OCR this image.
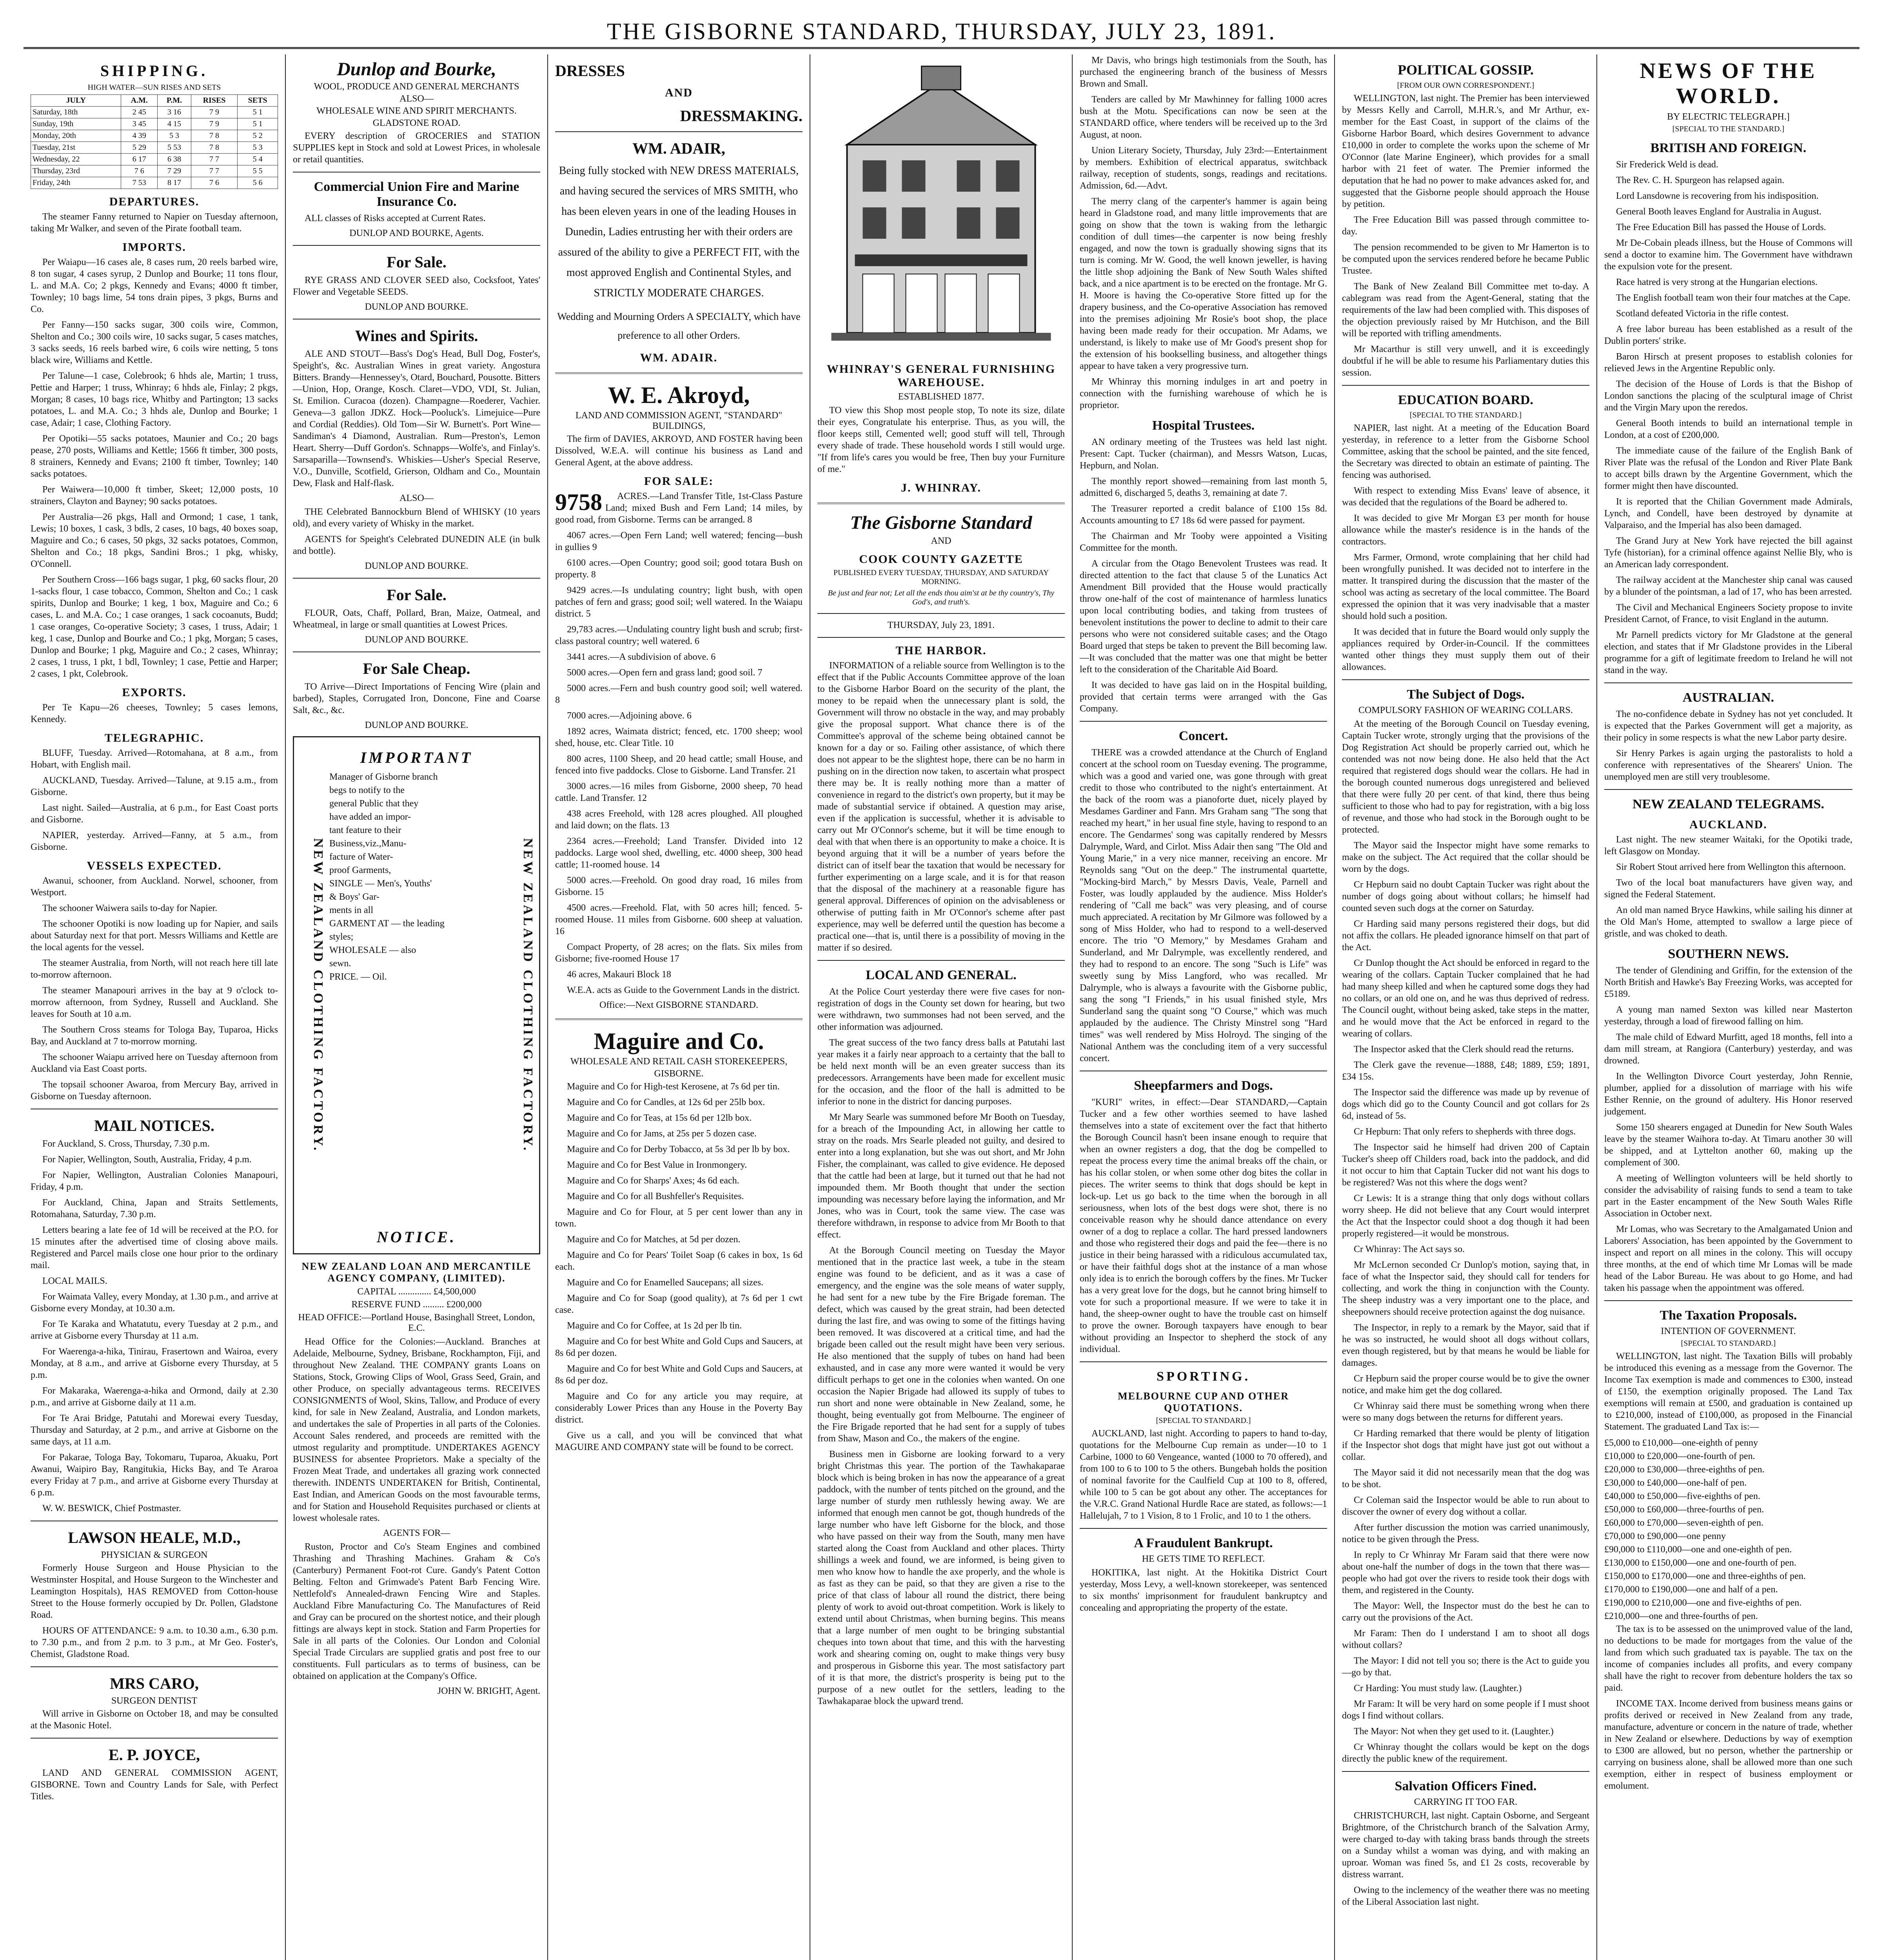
THE GISBORNE STANDARD, THURSDAY, JULY 23, 1891.
SHIPPING.
HIGH WATER—SUN RISES AND SETS
JULY	A.M.	P.M.	RISES	SETS
Saturday, 18th	2 45	3 16	7 9	5 1
Sunday, 19th	3 45	4 15	7 9	5 1
Monday, 20th	4 39	5 3	7 8	5 2
Tuesday, 21st	5 29	5 53	7 8	5 3
Wednesday, 22	6 17	6 38	7 7	5 4
Thursday, 23rd	7 6	7 29	7 7	5 5
Friday, 24th	7 53	8 17	7 6	5 6
DEPARTURES.

The steamer Fanny returned to Napier on Tuesday afternoon, taking Mr Walker, and seven of the Pirate football team.

IMPORTS.

Per Waiapu—16 cases ale, 8 cases rum, 20 reels barbed wire, 8 ton sugar, 4 cases syrup, 2 Dunlop and Bourke; 11 tons flour, L. and M.A. Co; 2 pkgs, Kennedy and Evans; 4000 ft timber, Townley; 10 bags lime, 54 tons drain pipes, 3 pkgs, Burns and Co.

Per Fanny—150 sacks sugar, 300 coils wire, Common, Shelton and Co.; 300 coils wire, 10 sacks sugar, 5 cases matches, 3 sacks seeds, 16 reels barbed wire, 6 coils wire netting, 5 tons black wire, Williams and Kettle.

Per Talune—1 case, Colebrook; 6 hhds ale, Martin; 1 truss, Pettie and Harper; 1 truss, Whinray; 6 hhds ale, Finlay; 2 pkgs, Morgan; 8 cases, 10 bags rice, Whitby and Partington; 13 sacks potatoes, L. and M.A. Co.; 3 hhds ale, Dunlop and Bourke; 1 case, Adair; 1 case, Clothing Factory.

Per Opotiki—55 sacks potatoes, Maunier and Co.; 20 bags pease, 270 posts, Williams and Kettle; 1566 ft timber, 300 posts, 8 strainers, Kennedy and Evans; 2100 ft timber, Townley; 140 sacks potatoes.

Per Waiwera—10,000 ft timber, Skeet; 12,000 posts, 10 strainers, Clayton and Bayney; 90 sacks potatoes.

Per Australia—26 pkgs, Hall and Ormond; 1 case, 1 tank, Lewis; 10 boxes, 1 cask, 3 bdls, 2 cases, 10 bags, 40 boxes soap, Maguire and Co.; 6 cases, 50 pkgs, 32 sacks potatoes, Common, Shelton and Co.; 18 pkgs, Sandini Bros.; 1 pkg, whisky, O'Connell.

Per Southern Cross—166 bags sugar, 1 pkg, 60 sacks flour, 20 1-sacks flour, 1 case tobacco, Common, Shelton and Co.; 1 cask spirits, Dunlop and Bourke; 1 keg, 1 box, Maguire and Co.; 6 cases, L. and M.A. Co.; 1 case oranges, 1 sack cocoanuts, Budd; 1 case oranges, Co-operative Society; 3 cases, 1 truss, Adair; 1 keg, 1 case, Dunlop and Bourke and Co.; 1 pkg, Morgan; 5 cases, Dunlop and Bourke; 1 pkg, Maguire and Co.; 2 cases, Whinray; 2 cases, 1 truss, 1 pkt, 1 bdl, Townley; 1 case, Pettie and Harper; 2 cases, 1 pkt, Colebrook.

EXPORTS.

Per Te Kapu—26 cheeses, Townley; 5 cases lemons, Kennedy.

TELEGRAPHIC.

BLUFF, Tuesday. Arrived—Rotomahana, at 8 a.m., from Hobart, with English mail.

AUCKLAND, Tuesday. Arrived—Talune, at 9.15 a.m., from Gisborne.

Last night. Sailed—Australia, at 6 p.m., for East Coast ports and Gisborne.

NAPIER, yesterday. Arrived—Fanny, at 5 a.m., from Gisborne.

VESSELS EXPECTED.

Awanui, schooner, from Auckland. Norwel, schooner, from Westport.

The schooner Waiwera sails to-day for Napier.

The schooner Opotiki is now loading up for Napier, and sails about Saturday next for that port. Messrs Williams and Kettle are the local agents for the vessel.

The steamer Australia, from North, will not reach here till late to-morrow afternoon.

The steamer Manapouri arrives in the bay at 9 o'clock to-morrow afternoon, from Sydney, Russell and Auckland. She leaves for South at 10 a.m.

The Southern Cross steams for Tologa Bay, Tuparoa, Hicks Bay, and Auckland at 7 to-morrow morning.

The schooner Waiapu arrived here on Tuesday afternoon from Auckland via East Coast ports.

The topsail schooner Awaroa, from Mercury Bay, arrived in Gisborne on Tuesday afternoon.

MAIL NOTICES.

For Auckland, S. Cross, Thursday, 7.30 p.m.

For Napier, Wellington, South, Australia, Friday, 4 p.m.

For Napier, Wellington, Australian Colonies Manapouri, Friday, 4 p.m.

For Auckland, China, Japan and Straits Settlements, Rotomahana, Saturday, 7.30 p.m.

Letters bearing a late fee of 1d will be received at the P.O. for 15 minutes after the advertised time of closing above mails. Registered and Parcel mails close one hour prior to the ordinary mail.

LOCAL MAILS.

For Waimata Valley, every Monday, at 1.30 p.m., and arrive at Gisborne every Monday, at 10.30 a.m.

For Te Karaka and Whatatutu, every Tuesday at 2 p.m., and arrive at Gisborne every Thursday at 11 a.m.

For Waerenga-a-hika, Tinirau, Frasertown and Wairoa, every Monday, at 8 a.m., and arrive at Gisborne every Thursday, at 5 p.m.

For Makaraka, Waerenga-a-hika and Ormond, daily at 2.30 p.m., and arrive at Gisborne daily at 11 a.m.

For Te Arai Bridge, Patutahi and Morewai every Tuesday, Thursday and Saturday, at 2 p.m., and arrive at Gisborne on the same days, at 11 a.m.

For Pakarae, Tologa Bay, Tokomaru, Tuparoa, Akuaku, Port Awanui, Waipiro Bay, Rangitukia, Hicks Bay, and Te Araroa every Friday at 7 p.m., and arrive at Gisborne every Thursday at 6 p.m.

W. W. BESWICK, Chief Postmaster.

LAWSON HEALE, M.D.,
PHYSICIAN & SURGEON

Formerly House Surgeon and House Physician to the Westminster Hospital, and House Surgeon to the Winchester and Leamington Hospitals), HAS REMOVED from Cotton-house Street to the House formerly occupied by Dr. Pollen, Gladstone Road.

HOURS OF ATTENDANCE: 9 a.m. to 10.30 a.m., 6.30 p.m. to 7.30 p.m., and from 2 p.m. to 3 p.m., at Mr Geo. Foster's, Chemist, Gladstone Road.

MRS CARO,
SURGEON DENTIST

Will arrive in Gisborne on October 18, and may be consulted at the Masonic Hotel.

E. P. JOYCE,

LAND AND GENERAL COMMISSION AGENT, GISBORNE. Town and Country Lands for Sale, with Perfect Titles.

Dunlop and Bourke,
WOOL, PRODUCE AND GENERAL MERCHANTS
ALSO—
WHOLESALE WINE AND SPIRIT MERCHANTS.
GLADSTONE ROAD.

EVERY description of GROCERIES and STATION SUPPLIES kept in Stock and sold at Lowest Prices, in wholesale or retail quantities.

Commercial Union Fire and Marine Insurance Co.

ALL classes of Risks accepted at Current Rates.

DUNLOP AND BOURKE, Agents.
For Sale.

RYE GRASS AND CLOVER SEED also, Cocksfoot, Yates' Flower and Vegetable SEEDS.

DUNLOP AND BOURKE.
Wines and Spirits.

ALE AND STOUT—Bass's Dog's Head, Bull Dog, Foster's, Speight's, &c. Australian Wines in great variety. Angostura Bitters. Brandy—Hennessey's, Otard, Bouchard, Pousotte. Bitters—Union, Hop, Orange, Kosch. Claret—VDO, VDI, St. Julian, St. Emilion. Curacoa (dozen). Champagne—Roederer, Vachier. Geneva—3 gallon JDKZ. Hock—Pooluck's. Limejuice—Pure and Cordial (Reddies). Old Tom—Sir W. Burnett's. Port Wine—Sandiman's 4 Diamond, Australian. Rum—Preston's, Lemon Heart. Sherry—Duff Gordon's. Schnapps—Wolfe's, and Finlay's. Sarsaparilla—Townsend's. Whiskies—Usher's Special Reserve, V.O., Dunville, Scotfield, Grierson, Oldham and Co., Mountain Dew, Flask and Half-flask.

ALSO—

THE Celebrated Bannockburn Blend of WHISKY (10 years old), and every variety of Whisky in the market.

AGENTS for Speight's Celebrated DUNEDIN ALE (in bulk and bottle).

DUNLOP AND BOURKE.
For Sale.

FLOUR, Oats, Chaff, Pollard, Bran, Maize, Oatmeal, and Wheatmeal, in large or small quantities at Lowest Prices.

DUNLOP AND BOURKE.
For Sale Cheap.

TO Arrive—Direct Importations of Fencing Wire (plain and barbed), Staples, Corrugated Iron, Doncone, Fine and Coarse Salt, &c., &c.

DUNLOP AND BOURKE.
IMPORTANT
NEW ZEALAND CLOTHING FACTORY.
Manager of Gisborne branch
begs to notify to the
general Public that they
have added an impor-
tant feature to their
Business,viz.,Manu-
facture of Water-
proof Garments,
SINGLE — Men's, Youths'
& Boys' Gar-
ments in all
GARMENT AT — the leading
styles;
WHOLESALE — also
sewn.
PRICE. — Oil.	NEW ZEALAND CLOTHING FACTORY.
NOTICE.
NEW ZEALAND LOAN AND MERCANTILE AGENCY COMPANY, (LIMITED).
CAPITAL .............. £4,500,000
RESERVE FUND ......... £200,000
HEAD OFFICE:—Portland House, Basinghall Street, London, E.C.

Head Office for the Colonies:—Auckland. Branches at Adelaide, Melbourne, Sydney, Brisbane, Rockhampton, Fiji, and throughout New Zealand. THE COMPANY grants Loans on Stations, Stock, Growing Clips of Wool, Grass Seed, Grain, and other Produce, on specially advantageous terms. RECEIVES CONSIGNMENTS of Wool, Skins, Tallow, and Produce of every kind, for sale in New Zealand, Australia, and London markets, and undertakes the sale of Properties in all parts of the Colonies. Account Sales rendered, and proceeds are remitted with the utmost regularity and promptitude. UNDERTAKES AGENCY BUSINESS for absentee Proprietors. Make a specialty of the Frozen Meat Trade, and undertakes all grazing work connected therewith. INDENTS UNDERTAKEN for British, Continental, East Indian, and American Goods on the most favourable terms, and for Station and Household Requisites purchased or clients at lowest wholesale rates.

AGENTS FOR—

Ruston, Proctor and Co's Steam Engines and combined Thrashing and Thrashing Machines. Graham & Co's (Canterbury) Permanent Foot-rot Cure. Gandy's Patent Cotton Belting. Felton and Grimwade's Patent Barb Fencing Wire. Nettlefold's Annealed-drawn Fencing Wire and Staples. Auckland Fibre Manufacturing Co. The Manufactures of Reid and Gray can be procured on the shortest notice, and their plough fittings are always kept in stock. Station and Farm Properties for Sale in all parts of the Colonies. Our London and Colonial Special Trade Circulars are supplied gratis and post free to our constituents. Full particulars as to terms of business, can be obtained on application at the Company's Office.

JOHN W. BRIGHT, Agent.
DRESSES
AND
DRESSMAKING.
WM. ADAIR,

Being fully stocked with NEW DRESS MATERIALS, and having secured the services of MRS SMITH, who has been eleven years in one of the leading Houses in Dunedin, Ladies entrusting her with their orders are assured of the ability to give a PERFECT FIT, with the most approved English and Continental Styles, and STRICTLY MODERATE CHARGES.

Wedding and Mourning Orders A SPECIALTY, which have preference to all other Orders.

WM. ADAIR.
W. E. Akroyd,
LAND AND COMMISSION AGENT, "STANDARD" BUILDINGS,

The firm of DAVIES, AKROYD, AND FOSTER having been Dissolved, W.E.A. will continue his business as Land and General Agent, at the above address.

FOR SALE:
9758	ACRES.—Land Transfer Title, 1st-Class Pasture Land; mixed Bush and Fern Land; 14 miles, by good road, from Gisborne. Terms can be arranged. 8

4067 acres.—Open Fern Land; well watered; fencing—bush in gullies 9

6100 acres.—Open Country; good soil; good totara Bush on property. 8

9429 acres.—Is undulating country; light bush, with open patches of fern and grass; good soil; well watered. In the Waiapu district. 5

29,783 acres.—Undulating country light bush and scrub; first-class pastoral country; well watered. 6

3441 acres.—A subdivision of above. 6

5000 acres.—Open fern and grass land; good soil. 7

5000 acres.—Fern and bush country good soil; well watered. 8

7000 acres.—Adjoining above. 6

1892 acres, Waimata district; fenced, etc. 1700 sheep; wool shed, house, etc. Clear Title. 10

800 acres, 1100 Sheep, and 20 head cattle; small House, and fenced into five paddocks. Close to Gisborne. Land Transfer. 21

3000 acres.—16 miles from Gisborne, 2000 sheep, 70 head cattle. Land Transfer. 12

438 acres Freehold, with 128 acres ploughed. All ploughed and laid down; on the flats. 13

2364 acres.—Freehold; Land Transfer. Divided into 12 paddocks. Large wool shed, dwelling, etc. 4000 sheep, 300 head cattle; 11-roomed house. 14

5000 acres.—Freehold. On good dray road, 16 miles from Gisborne. 15

4500 acres.—Freehold. Flat, with 50 acres hill; fenced. 5-roomed House. 11 miles from Gisborne. 600 sheep at valuation. 16

Compact Property, of 28 acres; on the flats. Six miles from Gisborne; five-roomed House 17

46 acres, Makauri Block 18

W.E.A. acts as Guide to the Government Lands in the district.

Office:—Next GISBORNE STANDARD.
Maguire and Co.
WHOLESALE AND RETAIL CASH STOREKEEPERS,
GISBORNE.

Maguire and Co for High-test Kerosene, at 7s 6d per tin.

Maguire and Co for Candles, at 12s 6d per 25lb box.

Maguire and Co for Teas, at 15s 6d per 12lb box.

Maguire and Co for Jams, at 25s per 5 dozen case.

Maguire and Co for Derby Tobacco, at 5s 3d per lb by box.

Maguire and Co for Best Value in Ironmongery.

Maguire and Co for Sharps' Axes; 4s 6d each.

Maguire and Co for all Bushfeller's Requisites.

Maguire and Co for Flour, at 5 per cent lower than any in town.

Maguire and Co for Matches, at 5d per dozen.

Maguire and Co for Pears' Toilet Soap (6 cakes in box, 1s 6d each.

Maguire and Co for Enamelled Saucepans; all sizes.

Maguire and Co for Soap (good quality), at 7s 6d per 1 cwt case.

Maguire and Co for Coffee, at 1s 2d per lb tin.

Maguire and Co for best White and Gold Cups and Saucers, at 8s 6d per dozen.

Maguire and Co for best White and Gold Cups and Saucers, at 8s 6d per doz.

Maguire and Co for any article you may require, at considerably Lower Prices than any House in the Poverty Bay district.

Give us a call, and you will be convinced that what MAGUIRE AND COMPANY state will be found to be correct.

WHINRAY'S GENERAL FURNISHING WAREHOUSE.
ESTABLISHED 1877.

TO view this Shop most people stop, To note its size, dilate their eyes, Congratulate his enterprise. Thus, as you will, the floor keeps still, Cemented well; good stuff will tell, Through every shade of trade. These household words I still would urge. "If from life's cares you would be free, Then buy your Furniture of me."

J. WHINRAY.
The Gisborne Standard
AND
COOK COUNTY GAZETTE
PUBLISHED EVERY TUESDAY, THURSDAY, AND SATURDAY MORNING.
Be just and fear not; Let all the ends thou aim'st at be thy country's, Thy God's, and truth's.
THURSDAY, July 23, 1891.
THE HARBOR.

INFORMATION of a reliable source from Wellington is to the effect that if the Public Accounts Committee approve of the loan to the Gisborne Harbor Board on the security of the plant, the money to be repaid when the unnecessary plant is sold, the Government will throw no obstacle in the way, and may probably give the proposal support. What chance there is of the Committee's approval of the scheme being obtained cannot be known for a day or so. Failing other assistance, of which there does not appear to be the slightest hope, there can be no harm in pushing on in the direction now taken, to ascertain what prospect there may be. It is really nothing more than a matter of convenience in regard to the district's own property, but it may be made of substantial service if obtained. A question may arise, even if the application is successful, whether it is advisable to carry out Mr O'Connor's scheme, but it will be time enough to deal with that when there is an opportunity to make a choice. It is beyond arguing that it will be a number of years before the district can of itself bear the taxation that would be necessary for further experimenting on a large scale, and it is for that reason that the disposal of the machinery at a reasonable figure has general approval. Differences of opinion on the advisableness or otherwise of putting faith in Mr O'Connor's scheme after past experience, may well be deferred until the question has become a practical one—that is, until there is a possibility of moving in the matter if so desired.

LOCAL AND GENERAL.

At the Police Court yesterday there were five cases for non-registration of dogs in the County set down for hearing, but two were withdrawn, two summonses had not been served, and the other information was adjourned.

The great success of the two fancy dress balls at Patutahi last year makes it a fairly near approach to a certainty that the ball to be held next month will be an even greater success than its predecessors. Arrangements have been made for excellent music for the occasion, and the floor of the hall is admitted to be inferior to none in the district for dancing purposes.

Mr Mary Searle was summoned before Mr Booth on Tuesday, for a breach of the Impounding Act, in allowing her cattle to stray on the roads. Mrs Searle pleaded not guilty, and desired to enter into a long explanation, but she was out short, and Mr John Fisher, the complainant, was called to give evidence. He deposed that the cattle had been at large, but it turned out that he had not impounded them. Mr Booth thought that under the section impounding was necessary before laying the information, and Mr Jones, who was in Court, took the same view. The case was therefore withdrawn, in response to advice from Mr Booth to that effect.

At the Borough Council meeting on Tuesday the Mayor mentioned that in the practice last week, a tube in the steam engine was found to be deficient, and as it was a case of emergency, and the engine was the sole means of water supply, he had sent for a new tube by the Fire Brigade foreman. The defect, which was caused by the great strain, had been detected during the last fire, and was owing to some of the fittings having been removed. It was discovered at a critical time, and had the brigade been called out the result might have been very serious. He also mentioned that the supply of tubes on hand had been exhausted, and in case any more were wanted it would be very difficult perhaps to get one in the colonies when wanted. On one occasion the Napier Brigade had allowed its supply of tubes to run short and none were obtainable in New Zealand, some, he thought, being eventually got from Melbourne. The engineer of the Fire Brigade reported that he had sent for a supply of tubes from Shaw, Mason and Co., the makers of the engine.

Business men in Gisborne are looking forward to a very bright Christmas this year. The portion of the Tawhakaparae block which is being broken in has now the appearance of a great paddock, with the number of tents pitched on the ground, and the large number of sturdy men ruthlessly hewing away. We are informed that enough men cannot be got, though hundreds of the large number who have left Gisborne for the block, and those who have passed on their way from the South, many men have started along the Coast from Auckland and other places. Thirty shillings a week and found, we are informed, is being given to men who know how to handle the axe properly, and the whole is as fast as they can be paid, so that they are given a rise to the price of that class of labour all round the district, there being plenty of work to avoid out-throat competition. Work is likely to extend until about Christmas, when burning begins. This means that a large number of men ought to be bringing substantial cheques into town about that time, and this with the harvesting work and shearing coming on, ought to make things very busy and prosperous in Gisborne this year. The most satisfactory part of it is that more, the district's prosperity is being put to the purpose of a new outlet for the settlers, leading to the Tawhakaparae block the upward trend.

Mr Davis, who brings high testimonials from the South, has purchased the engineering branch of the business of Messrs Brown and Small.

Tenders are called by Mr Mawhinney for falling 1000 acres bush at the Motu. Specifications can now be seen at the STANDARD office, where tenders will be received up to the 3rd August, at noon.

Union Literary Society, Thursday, July 23rd:—Entertainment by members. Exhibition of electrical apparatus, switchback railway, reception of students, songs, readings and recitations. Admission, 6d.—Advt.

The merry clang of the carpenter's hammer is again being heard in Gladstone road, and many little improvements that are going on show that the town is waking from the lethargic condition of dull times—the carpenter is now being freshly engaged, and now the town is gradually showing signs that its turn is coming. Mr W. Good, the well known jeweller, is having the little shop adjoining the Bank of New South Wales shifted back, and a nice apartment is to be erected on the frontage. Mr G. H. Moore is having the Co-operative Store fitted up for the drapery business, and the Co-operative Association has removed into the premises adjoining Mr Rosie's boot shop, the place having been made ready for their occupation. Mr Adams, we understand, is likely to make use of Mr Good's present shop for the extension of his bookselling business, and altogether things appear to have taken a very progressive turn.

Mr Whinray this morning indulges in art and poetry in connection with the furnishing warehouse of which he is proprietor.

Hospital Trustees.

AN ordinary meeting of the Trustees was held last night. Present: Capt. Tucker (chairman), and Messrs Watson, Lucas, Hepburn, and Nolan.

The monthly report showed—remaining from last month 5, admitted 6, discharged 5, deaths 3, remaining at date 7.

The Treasurer reported a credit balance of £100 15s 8d. Accounts amounting to £7 18s 6d were passed for payment.

The Chairman and Mr Tooby were appointed a Visiting Committee for the month.

A circular from the Otago Benevolent Trustees was read. It directed attention to the fact that clause 5 of the Lunatics Act Amendment Bill provided that the House would practically throw one-half of the cost of maintenance of harmless lunatics upon local contributing bodies, and taking from trustees of benevolent institutions the power to decline to admit to their care persons who were not considered suitable cases; and the Otago Board urged that steps be taken to prevent the Bill becoming law.—It was concluded that the matter was one that might be better left to the consideration of the Charitable Aid Board.

It was decided to have gas laid on in the Hospital building, provided that certain terms were arranged with the Gas Company.

Concert.

THERE was a crowded attendance at the Church of England concert at the school room on Tuesday evening. The programme, which was a good and varied one, was gone through with great credit to those who contributed to the night's entertainment. At the back of the room was a pianoforte duet, nicely played by Mesdames Gardiner and Fann. Mrs Graham sang "The song that reached my heart," in her usual fine style, having to respond to an encore. The Gendarmes' song was capitally rendered by Messrs Dalrymple, Ward, and Cirlot. Miss Adair then sang "The Old and Young Marie," in a very nice manner, receiving an encore. Mr Reynolds sang "Out on the deep." The instrumental quartette, "Mocking-bird March," by Messrs Davis, Veale, Parnell and Foster, was loudly applauded by the audience. Miss Holder's rendering of "Call me back" was very pleasing, and of course much appreciated. A recitation by Mr Gilmore was followed by a song of Miss Holder, who had to respond to a well-deserved encore. The trio "O Memory," by Mesdames Graham and Sunderland, and Mr Dalrymple, was excellently rendered, and they had to respond to an encore. The song "Such is Life" was sweetly sung by Miss Langford, who was recalled. Mr Dalrymple, who is always a favourite with the Gisborne public, sang the song "I Friends," in his usual finished style, Mrs Sunderland sang the quaint song "O Course," which was much applauded by the audience. The Christy Minstrel song "Hard times" was well rendered by Miss Holroyd. The singing of the National Anthem was the concluding item of a very successful concert.

Sheepfarmers and Dogs.

"KURI" writes, in effect:—Dear STANDARD,—Captain Tucker and a few other worthies seemed to have lashed themselves into a state of excitement over the fact that hitherto the Borough Council hasn't been insane enough to require that when an owner registers a dog, that the dog be compelled to repeat the process every time the animal breaks off the chain, or has his collar stolen, or when some other dog bites the collar in pieces. The writer seems to think that dogs should be kept in lock-up. Let us go back to the time when the borough in all seriousness, when lots of the best dogs were shot, there is no conceivable reason why he should dance attendance on every owner of a dog to replace a collar. The hard pressed landowners and those who registered their dogs and paid the fee—there is no justice in their being harassed with a ridiculous accumulated tax, or have their faithful dogs shot at the instance of a man whose only idea is to enrich the borough coffers by the fines. Mr Tucker has a very great love for the dogs, but he cannot bring himself to vote for such a proportional measure. If we were to take it in hand, the sheep-owner ought to have the trouble cast on himself to prove the owner. Borough taxpayers have enough to bear without providing an Inspector to shepherd the stock of any individual.

SPORTING.
MELBOURNE CUP AND OTHER QUOTATIONS.
[SPECIAL TO STANDARD.]

AUCKLAND, last night. According to papers to hand to-day, quotations for the Melbourne Cup remain as under—10 to 1 Carbine, 1000 to 60 Vengeance, wanted (1000 to 70 offered), and from 100 to 6 to 100 to 5 the others. Bungebah holds the position of nominal favorite for the Caulfield Cup at 100 to 8, offered, while 100 to 5 can be got about any other. The acceptances for the V.R.C. Grand National Hurdle Race are stated, as follows:—1 Hallelujah, 7 to 1 Vision, 8 to 1 Frolic, and 10 to 1 the others.

A Fraudulent Bankrupt.
HE GETS TIME TO REFLECT.

HOKITIKA, last night. At the Hokitika District Court yesterday, Moss Levy, a well-known storekeeper, was sentenced to six months' imprisonment for fraudulent bankruptcy and concealing and appropriating the property of the estate.

POLITICAL GOSSIP.
[FROM OUR OWN CORRESPONDENT.]

WELLINGTON, last night. The Premier has been interviewed by Messrs Kelly and Carroll, M.H.R.'s, and Mr Arthur, ex-member for the East Coast, in support of the claims of the Gisborne Harbor Board, which desires Government to advance £10,000 in order to complete the works upon the scheme of Mr O'Connor (late Marine Engineer), which provides for a small harbor with 21 feet of water. The Premier informed the deputation that he had no power to make advances asked for, and suggested that the Gisborne people should approach the House by petition.

The Free Education Bill was passed through committee to-day.

The pension recommended to be given to Mr Hamerton is to be computed upon the services rendered before he became Public Trustee.

The Bank of New Zealand Bill Committee met to-day. A cablegram was read from the Agent-General, stating that the requirements of the law had been complied with. This disposes of the objection previously raised by Mr Hutchison, and the Bill will be reported with trifling amendments.

Mr Macarthur is still very unwell, and it is exceedingly doubtful if he will be able to resume his Parliamentary duties this session.

EDUCATION BOARD.
[SPECIAL TO THE STANDARD.]

NAPIER, last night. At a meeting of the Education Board yesterday, in reference to a letter from the Gisborne School Committee, asking that the school be painted, and the site fenced, the Secretary was directed to obtain an estimate of painting. The fencing was authorised.

With respect to extending Miss Evans' leave of absence, it was decided that the regulations of the Board be adhered to.

It was decided to give Mr Morgan £3 per month for house allowance while the master's residence is in the hands of the contractors.

Mrs Farmer, Ormond, wrote complaining that her child had been wrongfully punished. It was decided not to interfere in the matter. It transpired during the discussion that the master of the school was acting as secretary of the local committee. The Board expressed the opinion that it was very inadvisable that a master should hold such a position.

It was decided that in future the Board would only supply the appliances required by Order-in-Council. If the committees wanted other things they must supply them out of their allowances.

The Subject of Dogs.
COMPULSORY FASHION OF WEARING COLLARS.

At the meeting of the Borough Council on Tuesday evening, Captain Tucker wrote, strongly urging that the provisions of the Dog Registration Act should be properly carried out, which he contended was not now being done. He also held that the Act required that registered dogs should wear the collars. He had in the borough counted numerous dogs unregistered and believed that there were fully 20 per cent. of that kind, there thus being sufficient to those who had to pay for registration, with a big loss of revenue, and those who had stock in the Borough ought to be protected.

The Mayor said the Inspector might have some remarks to make on the subject. The Act required that the collar should be worn by the dogs.

Cr Hepburn said no doubt Captain Tucker was right about the number of dogs going about without collars; he himself had counted seven such dogs at the corner on Saturday.

Cr Harding said many persons registered their dogs, but did not affix the collars. He pleaded ignorance himself on that part of the Act.

Cr Dunlop thought the Act should be enforced in regard to the wearing of the collars. Captain Tucker complained that he had had many sheep killed and when he captured some dogs they had no collars, or an old one on, and he was thus deprived of redress. The Council ought, without being asked, take steps in the matter, and he would move that the Act be enforced in regard to the wearing of collars.

The Inspector asked that the Clerk should read the returns.

The Clerk gave the revenue—1888, £48; 1889, £59; 1891, £34 15s.

The Inspector said the difference was made up by revenue of dogs which did go to the County Council and got collars for 2s 6d, instead of 5s.

Cr Hepburn: That only refers to shepherds with three dogs.

The Inspector said he himself had driven 200 of Captain Tucker's sheep off Childers road, back into the paddock, and did it not occur to him that Captain Tucker did not want his dogs to be registered? Was not this where the dogs went?

Cr Lewis: It is a strange thing that only dogs without collars worry sheep. He did not believe that any Court would interpret the Act that the Inspector could shoot a dog though it had been properly registered—it would be monstrous.

Cr Whinray: The Act says so.

Mr McLernon seconded Cr Dunlop's motion, saying that, in face of what the Inspector said, they should call for tenders for collecting, and work the thing in conjunction with the County. The sheep industry was a very important one to the place, and sheepowners should receive protection against the dog nuisance.

The Inspector, in reply to a remark by the Mayor, said that if he was so instructed, he would shoot all dogs without collars, even though registered, but by that means he would be liable for damages.

Cr Hepburn said the proper course would be to give the owner notice, and make him get the dog collared.

Cr Whinray said there must be something wrong when there were so many dogs between the returns for different years.

Cr Harding remarked that there would be plenty of litigation if the Inspector shot dogs that might have just got out without a collar.

The Mayor said it did not necessarily mean that the dog was to be shot.

Cr Coleman said the Inspector would be able to run about to discover the owner of every dog without a collar.

After further discussion the motion was carried unanimously, notice to be given through the Press.

In reply to Cr Whinray Mr Faram said that there were now about one-half the number of dogs in the town that there was—people who had got over the rivers to reside took their dogs with them, and registered in the County.

The Mayor: Well, the Inspector must do the best he can to carry out the provisions of the Act.

Mr Faram: Then do I understand I am to shoot all dogs without collars?

The Mayor: I did not tell you so; there is the Act to guide you—go by that.

Cr Harding: You must study law. (Laughter.)

Mr Faram: It will be very hard on some people if I must shoot dogs I find without collars.

The Mayor: Not when they get used to it. (Laughter.)

Cr Whinray thought the collars would be kept on the dogs directly the public knew of the requirement.

Salvation Officers Fined.
CARRYING IT TOO FAR.

CHRISTCHURCH, last night. Captain Osborne, and Sergeant Brightmore, of the Christchurch branch of the Salvation Army, were charged to-day with taking brass bands through the streets on a Sunday whilst a woman was dying, and with making an uproar. Woman was fined 5s, and £1 2s costs, recoverable by distress warrant.

Owing to the inclemency of the weather there was no meeting of the Liberal Association last night.

NEWS OF THE WORLD.
BY ELECTRIC TELEGRAPH.]
[SPECIAL TO THE STANDARD.]
BRITISH AND FOREIGN.

Sir Frederick Weld is dead.

The Rev. C. H. Spurgeon has relapsed again.

Lord Lansdowne is recovering from his indisposition.

General Booth leaves England for Australia in August.

The Free Education Bill has passed the House of Lords.

Mr De-Cobain pleads illness, but the House of Commons will send a doctor to examine him. The Government have withdrawn the expulsion vote for the present.

Race hatred is very strong at the Hungarian elections.

The English football team won their four matches at the Cape.

Scotland defeated Victoria in the rifle contest.

A free labor bureau has been established as a result of the Dublin porters' strike.

Baron Hirsch at present proposes to establish colonies for relieved Jews in the Argentine Republic only.

The decision of the House of Lords is that the Bishop of London sanctions the placing of the sculptural image of Christ and the Virgin Mary upon the reredos.

General Booth intends to build an international temple in London, at a cost of £200,000.

The immediate cause of the failure of the English Bank of River Plate was the refusal of the London and River Plate Bank to accept bills drawn by the Argentine Government, which the former might then have discounted.

It is reported that the Chilian Government made Admirals, Lynch, and Condell, have been destroyed by dynamite at Valparaiso, and the Imperial has also been damaged.

The Grand Jury at New York have rejected the bill against Tyfe (historian), for a criminal offence against Nellie Bly, who is an American lady correspondent.

The railway accident at the Manchester ship canal was caused by a blunder of the pointsman, a lad of 17, who has been arrested.

The Civil and Mechanical Engineers Society propose to invite President Carnot, of France, to visit England in the autumn.

Mr Parnell predicts victory for Mr Gladstone at the general election, and states that if Mr Gladstone provides in the Liberal programme for a gift of legitimate freedom to Ireland he will not stand in the way.

AUSTRALIAN.

The no-confidence debate in Sydney has not yet concluded. It is expected that the Parkes Government will get a majority, as their policy in some respects is what the new Labor party desire.

Sir Henry Parkes is again urging the pastoralists to hold a conference with representatives of the Shearers' Union. The unemployed men are still very troublesome.

NEW ZEALAND TELEGRAMS.
AUCKLAND.

Last night. The new steamer Waitaki, for the Opotiki trade, left Glasgow on Monday.

Sir Robert Stout arrived here from Wellington this afternoon.

Two of the local boat manufacturers have given way, and signed the Federal Statement.

An old man named Bryce Hawkins, while sailing his dinner at the Old Man's Home, attempted to swallow a large piece of gristle, and was choked to death.

SOUTHERN NEWS.

The tender of Glendining and Griffin, for the extension of the North British and Hawke's Bay Freezing Works, was accepted for £5189.

A young man named Sexton was killed near Masterton yesterday, through a load of firewood falling on him.

The male child of Edward Murfitt, aged 18 months, fell into a dam mill stream, at Rangiora (Canterbury) yesterday, and was drowned.

In the Wellington Divorce Court yesterday, John Rennie, plumber, applied for a dissolution of marriage with his wife Esther Rennie, on the ground of adultery. His Honor reserved judgement.

Some 150 shearers engaged at Dunedin for New South Wales leave by the steamer Waihora to-day. At Timaru another 30 will be shipped, and at Lyttelton another 60, making up the complement of 300.

A meeting of Wellington volunteers will be held shortly to consider the advisability of raising funds to send a team to take part in the Easter encampment of the New South Wales Rifle Association in October next.

Mr Lomas, who was Secretary to the Amalgamated Union and Laborers' Association, has been appointed by the Government to inspect and report on all mines in the colony. This will occupy three months, at the end of which time Mr Lomas will be made head of the Labor Bureau. He was about to go Home, and had taken his passage when the appointment was offered.

The Taxation Proposals.
INTENTION OF GOVERNMENT.
[SPECIAL TO STANDARD.]

WELLINGTON, last night. The Taxation Bills will probably be introduced this evening as a message from the Governor. The Income Tax exemption is made and commences to £300, instead of £150, the exemption originally proposed. The Land Tax exemptions will remain at £500, and graduation is contained up to £210,000, instead of £100,000, as proposed in the Financial Statement. The graduated Land Tax is:—

£5,000 to £10,000—one-eighth of penny
£10,000 to £20,000—one-fourth of pen.
£20,000 to £30,000—three-eighths of pen.
£30,000 to £40,000—one-half of pen.
£40,000 to £50,000—five-eighths of pen.
£50,000 to £60,000—three-fourths of pen.
£60,000 to £70,000—seven-eighth of pen.
£70,000 to £90,000—one penny
£90,000 to £110,000—one and one-eighth of pen.
£130,000 to £150,000—one and one-fourth of pen.
£150,000 to £170,000—one and three-eighths of pen.
£170,000 to £190,000—one and half of a pen.
£190,000 to £210,000—one and five-eighths of pen.
£210,000—one and three-fourths of pen.

The tax is to be assessed on the unimproved value of the land, no deductions to be made for mortgages from the value of the land from which such graduated tax is payable. The tax on the income of companies includes all profits, and every company shall have the right to recover from debenture holders the tax so paid.

INCOME TAX. Income derived from business means gains or profits derived or received in New Zealand from any trade, manufacture, adventure or concern in the nature of trade, whether in New Zealand or elsewhere. Deductions by way of exemption to £300 are allowed, but no person, whether the partnership or carrying on business alone, shall be allowed more than one such exemption, either in respect of business employment or emolument.
